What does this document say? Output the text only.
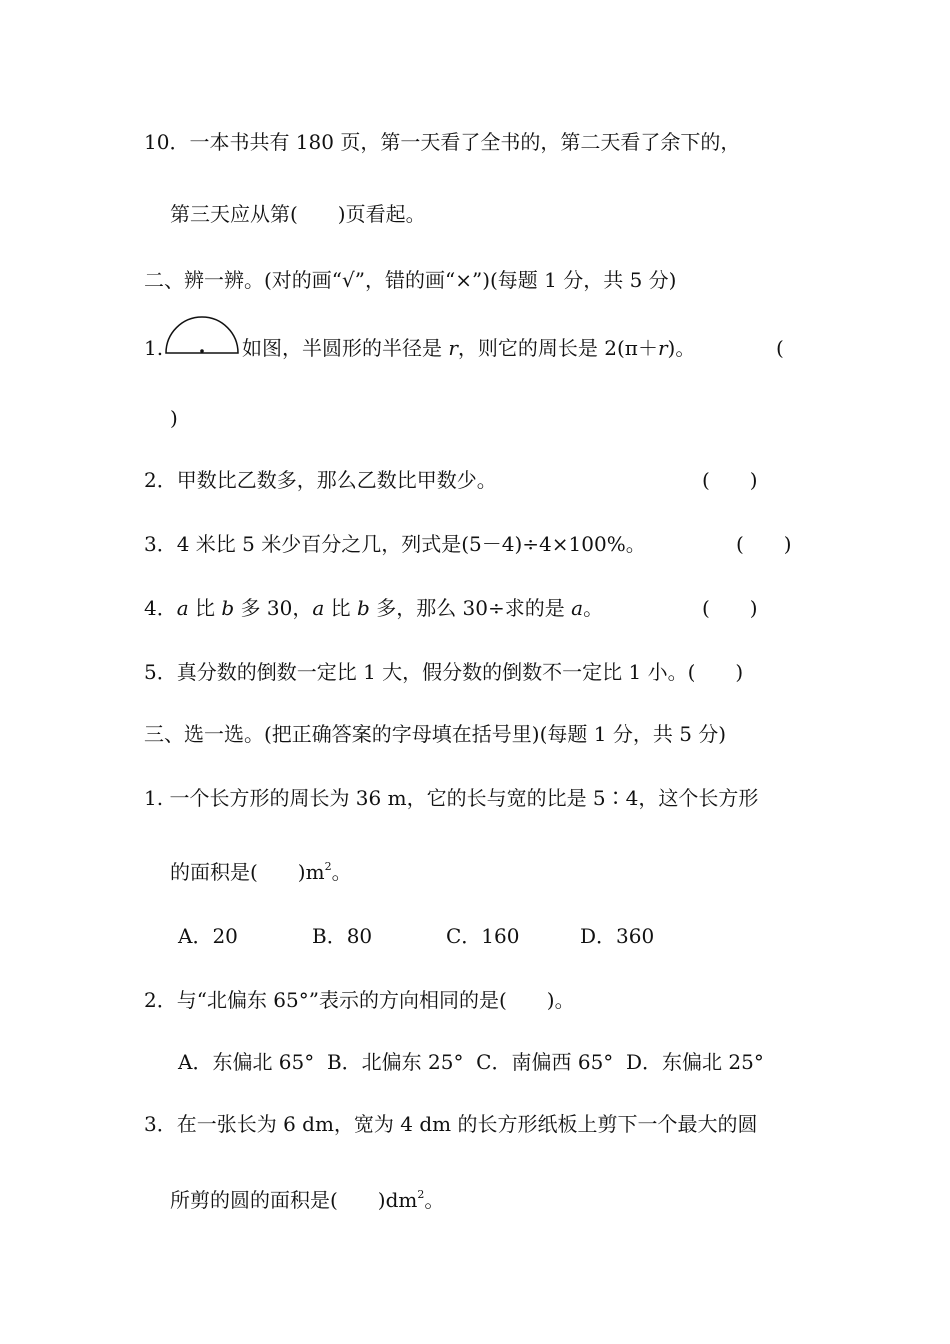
10．一本书共有 180 页，第一天看了全书的，第二天看了余下的，
第三天应从第(　　)页看起。
二、辨一辨。(对的画“√”，错的画“×”)(每题 1 分，共 5 分)
1.	如图，半圆形的半径是 r，则它的周长是 2(π＋r)。	(
)
2．甲数比乙数多，那么乙数比甲数少。	(　　)
3．4 米比 5 米少百分之几，列式是(5－4)÷4×100%。	(　　)
4．a 比 b 多 30，a 比 b 多，那么 30÷求的是 a。	(　　)
5．真分数的倒数一定比 1 大，假分数的倒数不一定比 1 小。(　　)
三、选一选。(把正确答案的字母填在括号里)(每题 1 分，共 5 分)
1. 一个长方形的周长为 36 m，它的长与宽的比是 5∶4，这个长方形
的面积是(　　)$m^2$。
A．20	B．80	C．160	D．360
2．与“北偏东 65°”表示的方向相同的是(　　)。
A．东偏北 65°  B．北偏东 25°  C．南偏西 65°  D．东偏北 25°
3．在一张长为 6 dm，宽为 4 dm 的长方形纸板上剪下一个最大的圆
所剪的圆的面积是(　　)$dm^2$。
